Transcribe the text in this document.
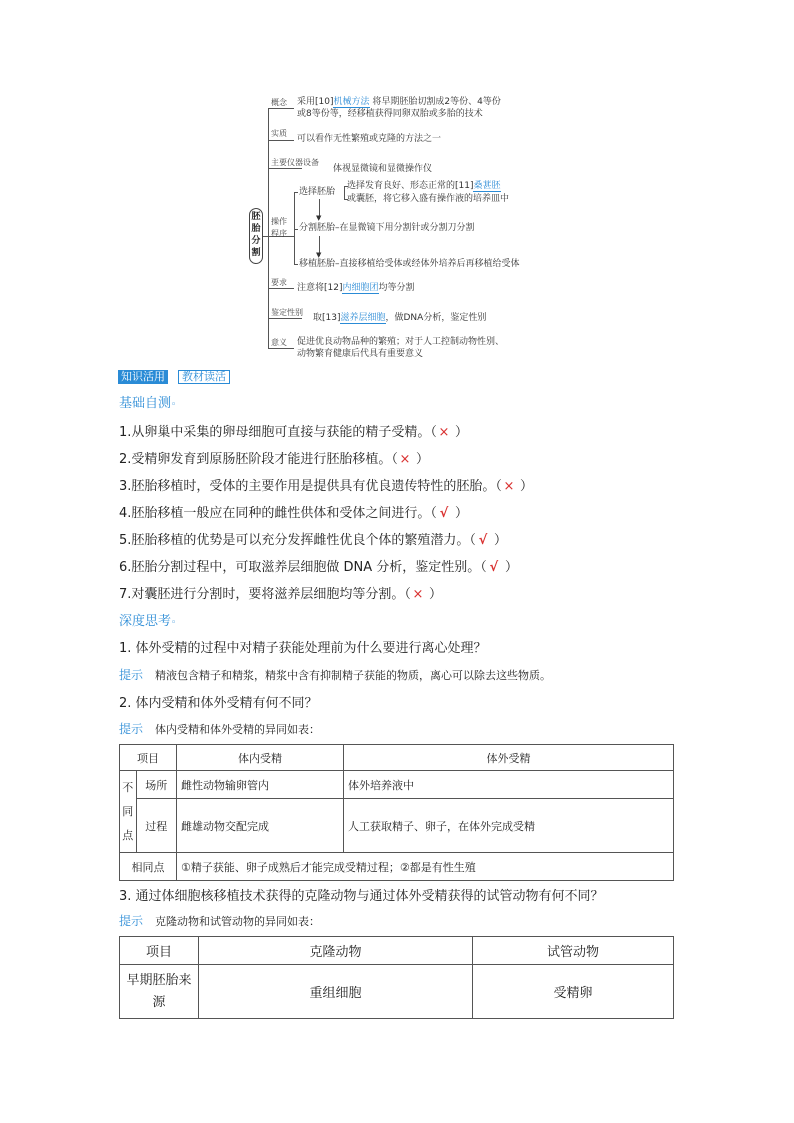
胚胎分割
▼
▼
概念 采用[10]机械方法 将早期胚胎切割成2等份、4等份
或8等份等，经移植获得同卵双胎或多胎的技术
实质
可以看作无性繁殖或克隆的方法之一
主要仪器设备
体视显微镜和显微操作仪
操作
程序
选择胚胎
选择发育良好、形态正常的[11]桑葚胚
或囊胚，将它移入盛有操作液的培养皿中
分割胚胎–在显微镜下用分割针或分割刀分割
移植胚胎–直接移植给受体或经体外培养后再移植给受体
要求
注意将[12]内细胞团均等分割
鉴定性别
取[13]滋养层细胞，做DNA分析，鉴定性别
意义 促进优良动物品种的繁殖；对于人工控制动物性别、
动物繁育健康后代具有重要意义
知识活用	教材读活
基础自测◦
1.从卵巢中采集的卵母细胞可直接与获能的精子受精。（ × ）
2.受精卵发育到原肠胚阶段才能进行胚胎移植。（ × ）
3.胚胎移植时，受体的主要作用是提供具有优良遗传特性的胚胎。（ × ）
4.胚胎移植一般应在同种的雌性供体和受体之间进行。（ √ ）
5.胚胎移植的优势是可以充分发挥雌性优良个体的繁殖潜力。（ √ ）
6.胚胎分割过程中，可取滋养层细胞做 DNA 分析，鉴定性别。（ √ ）
7.对囊胚进行分割时，要将滋养层细胞均等分割。（ × ）
深度思考◦
1. 体外受精的过程中对精子获能处理前为什么要进行离心处理？
提示 精液包含精子和精浆，精浆中含有抑制精子获能的物质，离心可以除去这些物质。
2. 体内受精和体外受精有何不同？
提示 体内受精和体外受精的异同如表：
项目		体内受精	体外受精
不同点	场所	雌性动物输卵管内	体外培养液中
	过程	雌雄动物交配完成	人工获取精子、卵子，在体外完成受精
相同点		①精子获能、卵子成熟后才能完成受精过程；②都是有性生殖	
3. 通过体细胞核移植技术获得的克隆动物与通过体外受精获得的试管动物有何不同？
提示 克隆动物和试管动物的异同如表：
项目	克隆动物	试管动物
早期胚胎来源	重组细胞	受精卵
